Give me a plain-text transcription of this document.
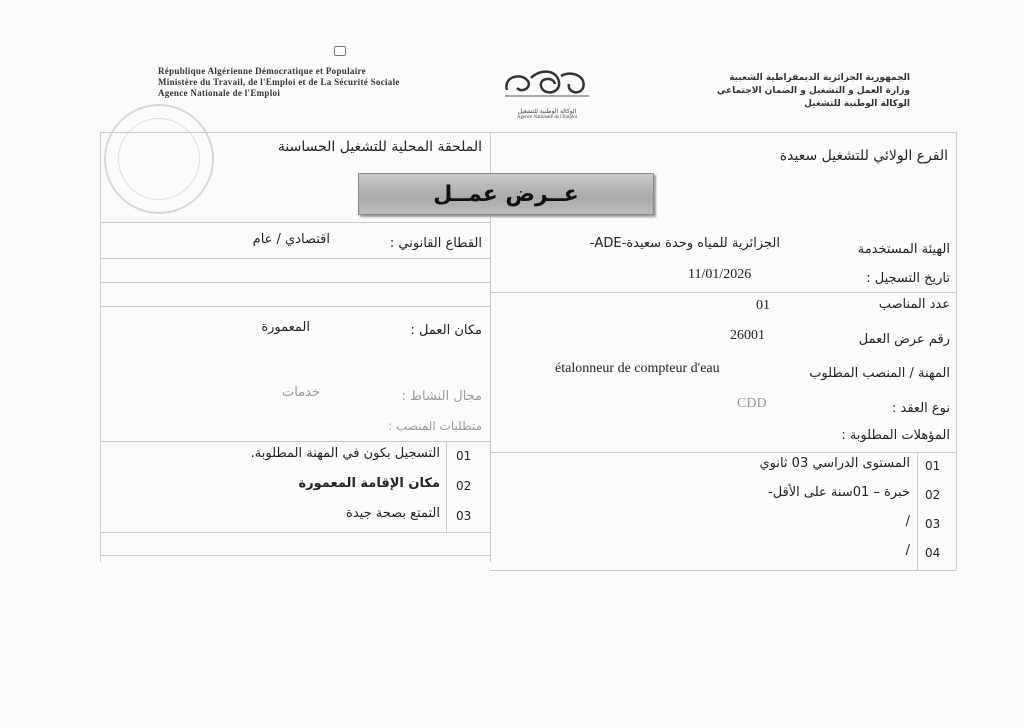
République Algérienne Démocratique et Populaire
Ministère du Travail, de l'Emploi et de La Sécurité Sociale
Agence Nationale de l'Emploi
الوكالة الوطنية للتشغيل
Agence Nationale de l'Emploi
الجمهورية الجزائرية الديمقراطية الشعبية
وزارة العمل و التشغيل و الضمان الاجتماعي
الوكالة الوطنية للتشغيل
الفرع الولائي للتشغيل سعيدة
الملحقة المحلية للتشغيل الحساسنة
عــرض عمــل
الهيئة المستخدمة
الجزائرية للمياه وحدة سعيدة-ADE-
تاريخ التسجيل :
11/01/2026
عدد المناصب
01
رقم عرض العمل
26001
المهنة / المنصب المطلوب
étalonneur de compteur d'eau
نوع العقد :
CDD
المؤهلات المطلوبة :
01
المستوى الدراسي 03 ثانوي
02
خبرة – 01سنة على الأقل-
03
/
04
/
القطاع القانوني :
اقتصادي / عام
مكان العمل :
المعمورة
مجال النشاط :
خدمات
متطلبات المنصب :
01
التسجيل بكون في المهنة المطلوبة.
02
مكان الإقامة المعمورة
03
التمتع بصحة جيدة
